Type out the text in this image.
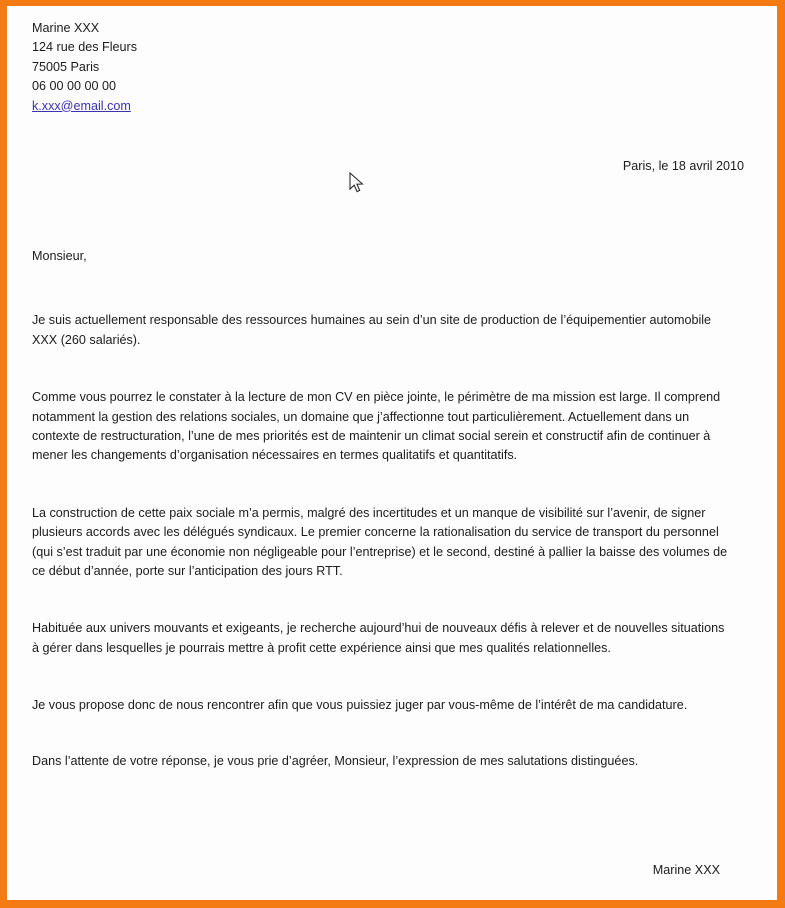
Marine XXX
124 rue des Fleurs
75005 Paris
06 00 00 00 00
k.xxx@email.com
Paris, le 18 avril 2010

Monsieur,

Je suis actuellement responsable des ressources humaines au sein d’un site de production de l’équipementier automobile XXX (260 salariés).

Comme vous pourrez le constater à la lecture de mon CV en pièce jointe, le périmètre de ma mission est large. Il comprend notamment la gestion des relations sociales, un domaine que j’affectionne tout particulièrement. Actuellement dans un contexte de restructuration, l’une de mes priorités est de maintenir un climat social serein et constructif afin de continuer à mener les changements d’organisation nécessaires en termes qualitatifs et quantitatifs.

La construction de cette paix sociale m’a permis, malgré des incertitudes et un manque de visibilité sur l’avenir, de signer plusieurs accords avec les délégués syndicaux. Le premier concerne la rationalisation du service de transport du personnel (qui s’est traduit par une économie non négligeable pour l’entreprise) et le second, destiné à pallier la baisse des volumes de ce début d’année, porte sur l’anticipation des jours RTT.

Habituée aux univers mouvants et exigeants, je recherche aujourd’hui de nouveaux défis à relever et de nouvelles situations à gérer dans lesquelles je pourrais mettre à profit cette expérience ainsi que mes qualités relationnelles.

Je vous propose donc de nous rencontrer afin que vous puissiez juger par vous-même de l’intérêt de ma candidature.

Dans l’attente de votre réponse, je vous prie d’agréer, Monsieur, l’expression de mes salutations distinguées.

Marine XXX
